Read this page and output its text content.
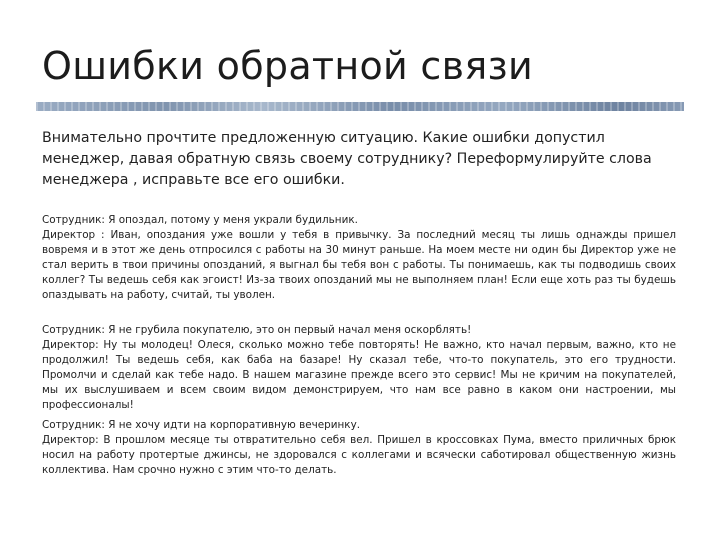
Ошибки обратной связи

Внимательно прочтите предложенную ситуацию. Какие ошибки допустил менеджер, давая обратную связь своему сотруднику? Переформулируйте слова менеджера , исправьте все его ошибки.

Сотрудник: Я опоздал, потому у меня украли будильник.

Директор : Иван, опоздания уже вошли у тебя в привычку. За последний месяц ты лишь однажды пришел вовремя и в этот же день отпросился с работы на 30 минут раньше. На моем месте ни один бы Директор уже не стал верить в твои причины опозданий, я выгнал бы тебя вон с работы. Ты понимаешь, как ты подводишь своих коллег? Ты ведешь себя как эгоист! Из-за твоих опозданий мы не выполняем план! Если еще хоть раз ты будешь опаздывать на работу, считай, ты уволен.

Сотрудник: Я не грубила покупателю, это он первый начал меня оскорблять!

Директор: Ну ты молодец! Олеся, сколько можно тебе повторять! Не важно, кто начал первым, важно, кто не продолжил! Ты ведешь себя, как баба на базаре! Ну сказал тебе, что-то покупатель, это его трудности. Промолчи и сделай как тебе надо. В нашем магазине прежде всего это сервис! Мы не кричим на покупателей, мы их выслушиваем и всем своим видом демонстрируем, что нам все равно в каком они настроении, мы профессионалы!

Сотрудник: Я не хочу идти на корпоративную вечеринку.

Директор: В прошлом месяце ты отвратительно себя вел. Пришел в кроссовках Пума, вместо приличных брюк носил на работу протертые джинсы, не здоровался с коллегами и всячески саботировал общественную жизнь коллектива. Нам срочно нужно с этим что-то делать.
